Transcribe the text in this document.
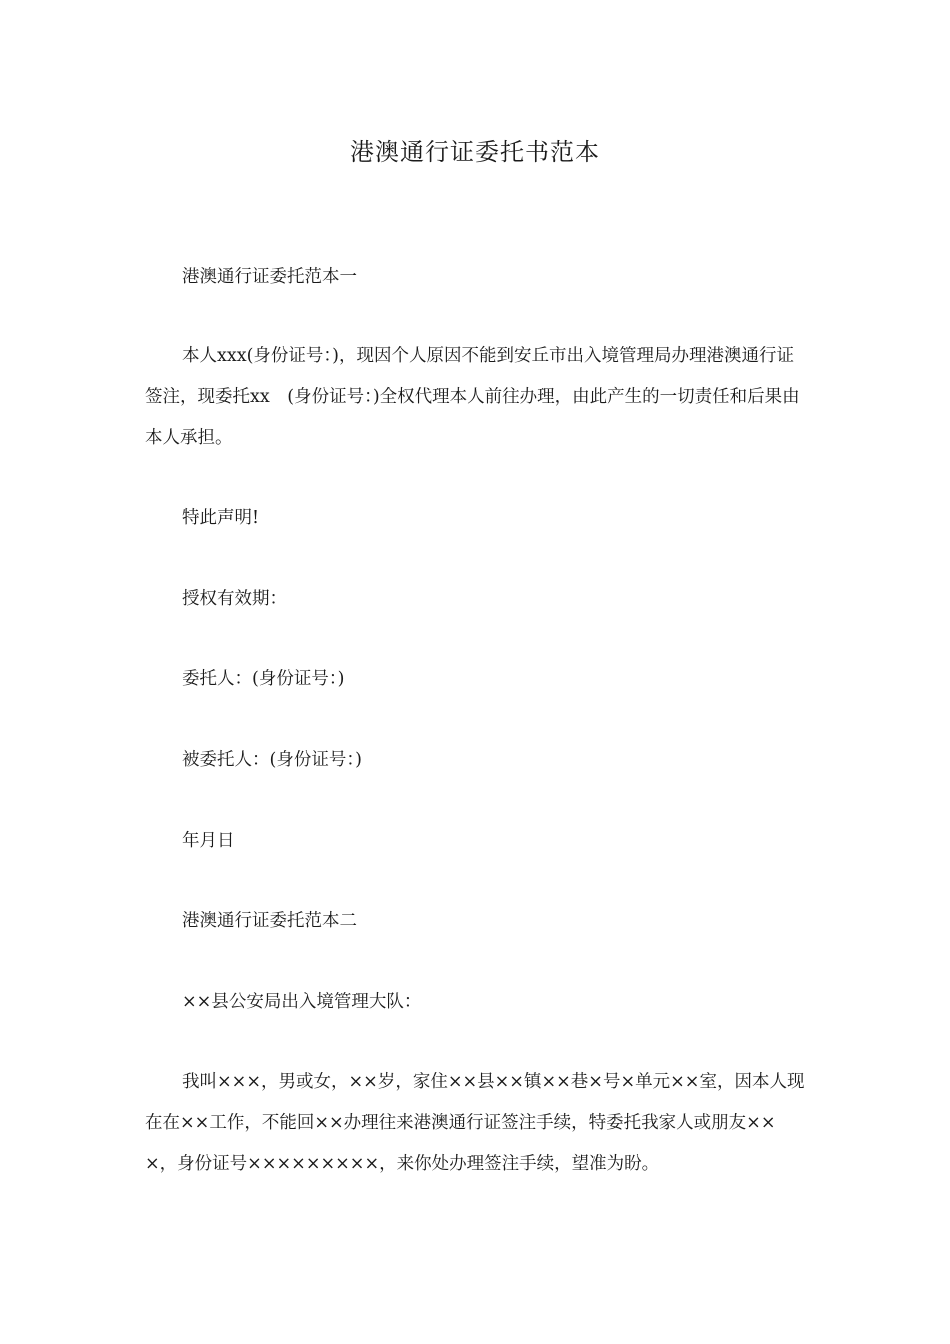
港澳通行证委托书范本

港澳通行证委托范本一

本人xxx(身份证号：)，现因个人原因不能到安丘市出入境管理局办理港澳通行证签注，现委托xx　(身份证号：)全权代理本人前往办理，由此产生的一切责任和后果由本人承担。

特此声明!

授权有效期：

委托人：(身份证号：)

被委托人：(身份证号：)

年月日

港澳通行证委托范本二

××县公安局出入境管理大队：

我叫×××，男或女，××岁，家住××县××镇××巷×号×单元××室，因本人现在在××工作，不能回××办理往来港澳通行证签注手续，特委托我家人或朋友×××，身份证号×××××××××，来你处办理签注手续，望准为盼。
